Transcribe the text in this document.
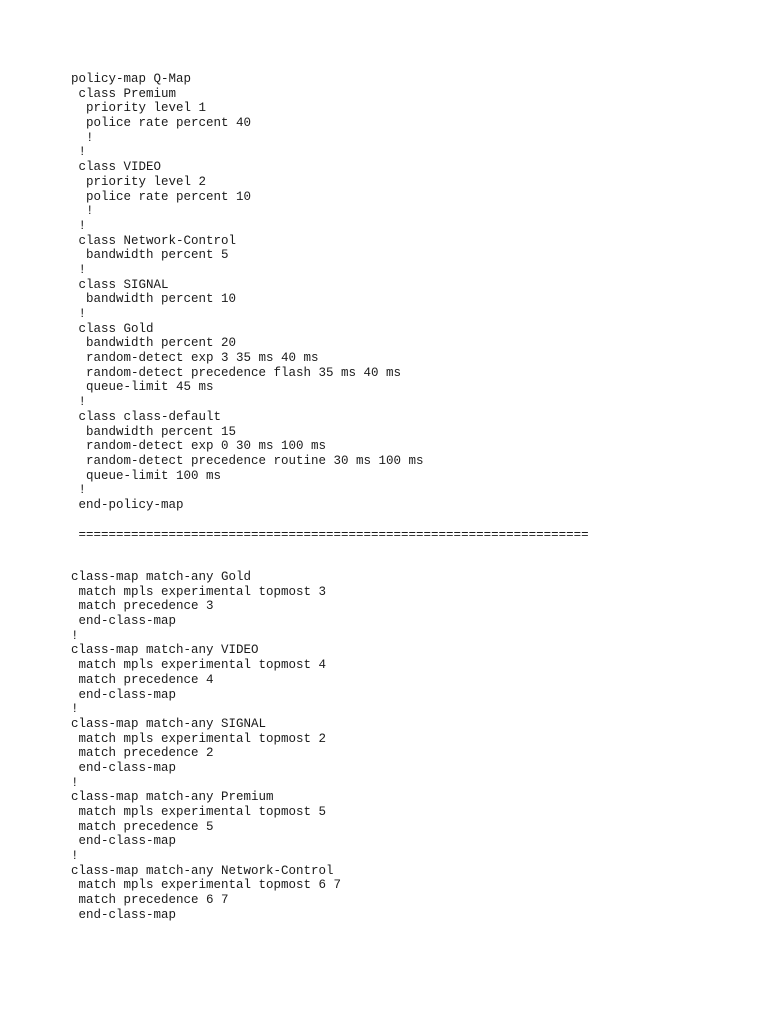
policy-map Q-Map
class Premium
priority level 1
police rate percent 40
!
!
class VIDEO
priority level 2
police rate percent 10
!
!
class Network-Control
bandwidth percent 5
!
class SIGNAL
bandwidth percent 10
!
class Gold
bandwidth percent 20
random-detect exp 3 35 ms 40 ms
random-detect precedence flash 35 ms 40 ms
queue-limit 45 ms
!
class class-default
bandwidth percent 15
random-detect exp 0 30 ms 100 ms
random-detect precedence routine 30 ms 100 ms
queue-limit 100 ms
!
end-policy-map
====================================================================
class-map match-any Gold
match mpls experimental topmost 3
match precedence 3
end-class-map
!
class-map match-any VIDEO
match mpls experimental topmost 4
match precedence 4
end-class-map
!
class-map match-any SIGNAL
match mpls experimental topmost 2
match precedence 2
end-class-map
!
class-map match-any Premium
match mpls experimental topmost 5
match precedence 5
end-class-map
!
class-map match-any Network-Control
match mpls experimental topmost 6 7
match precedence 6 7
end-class-map
